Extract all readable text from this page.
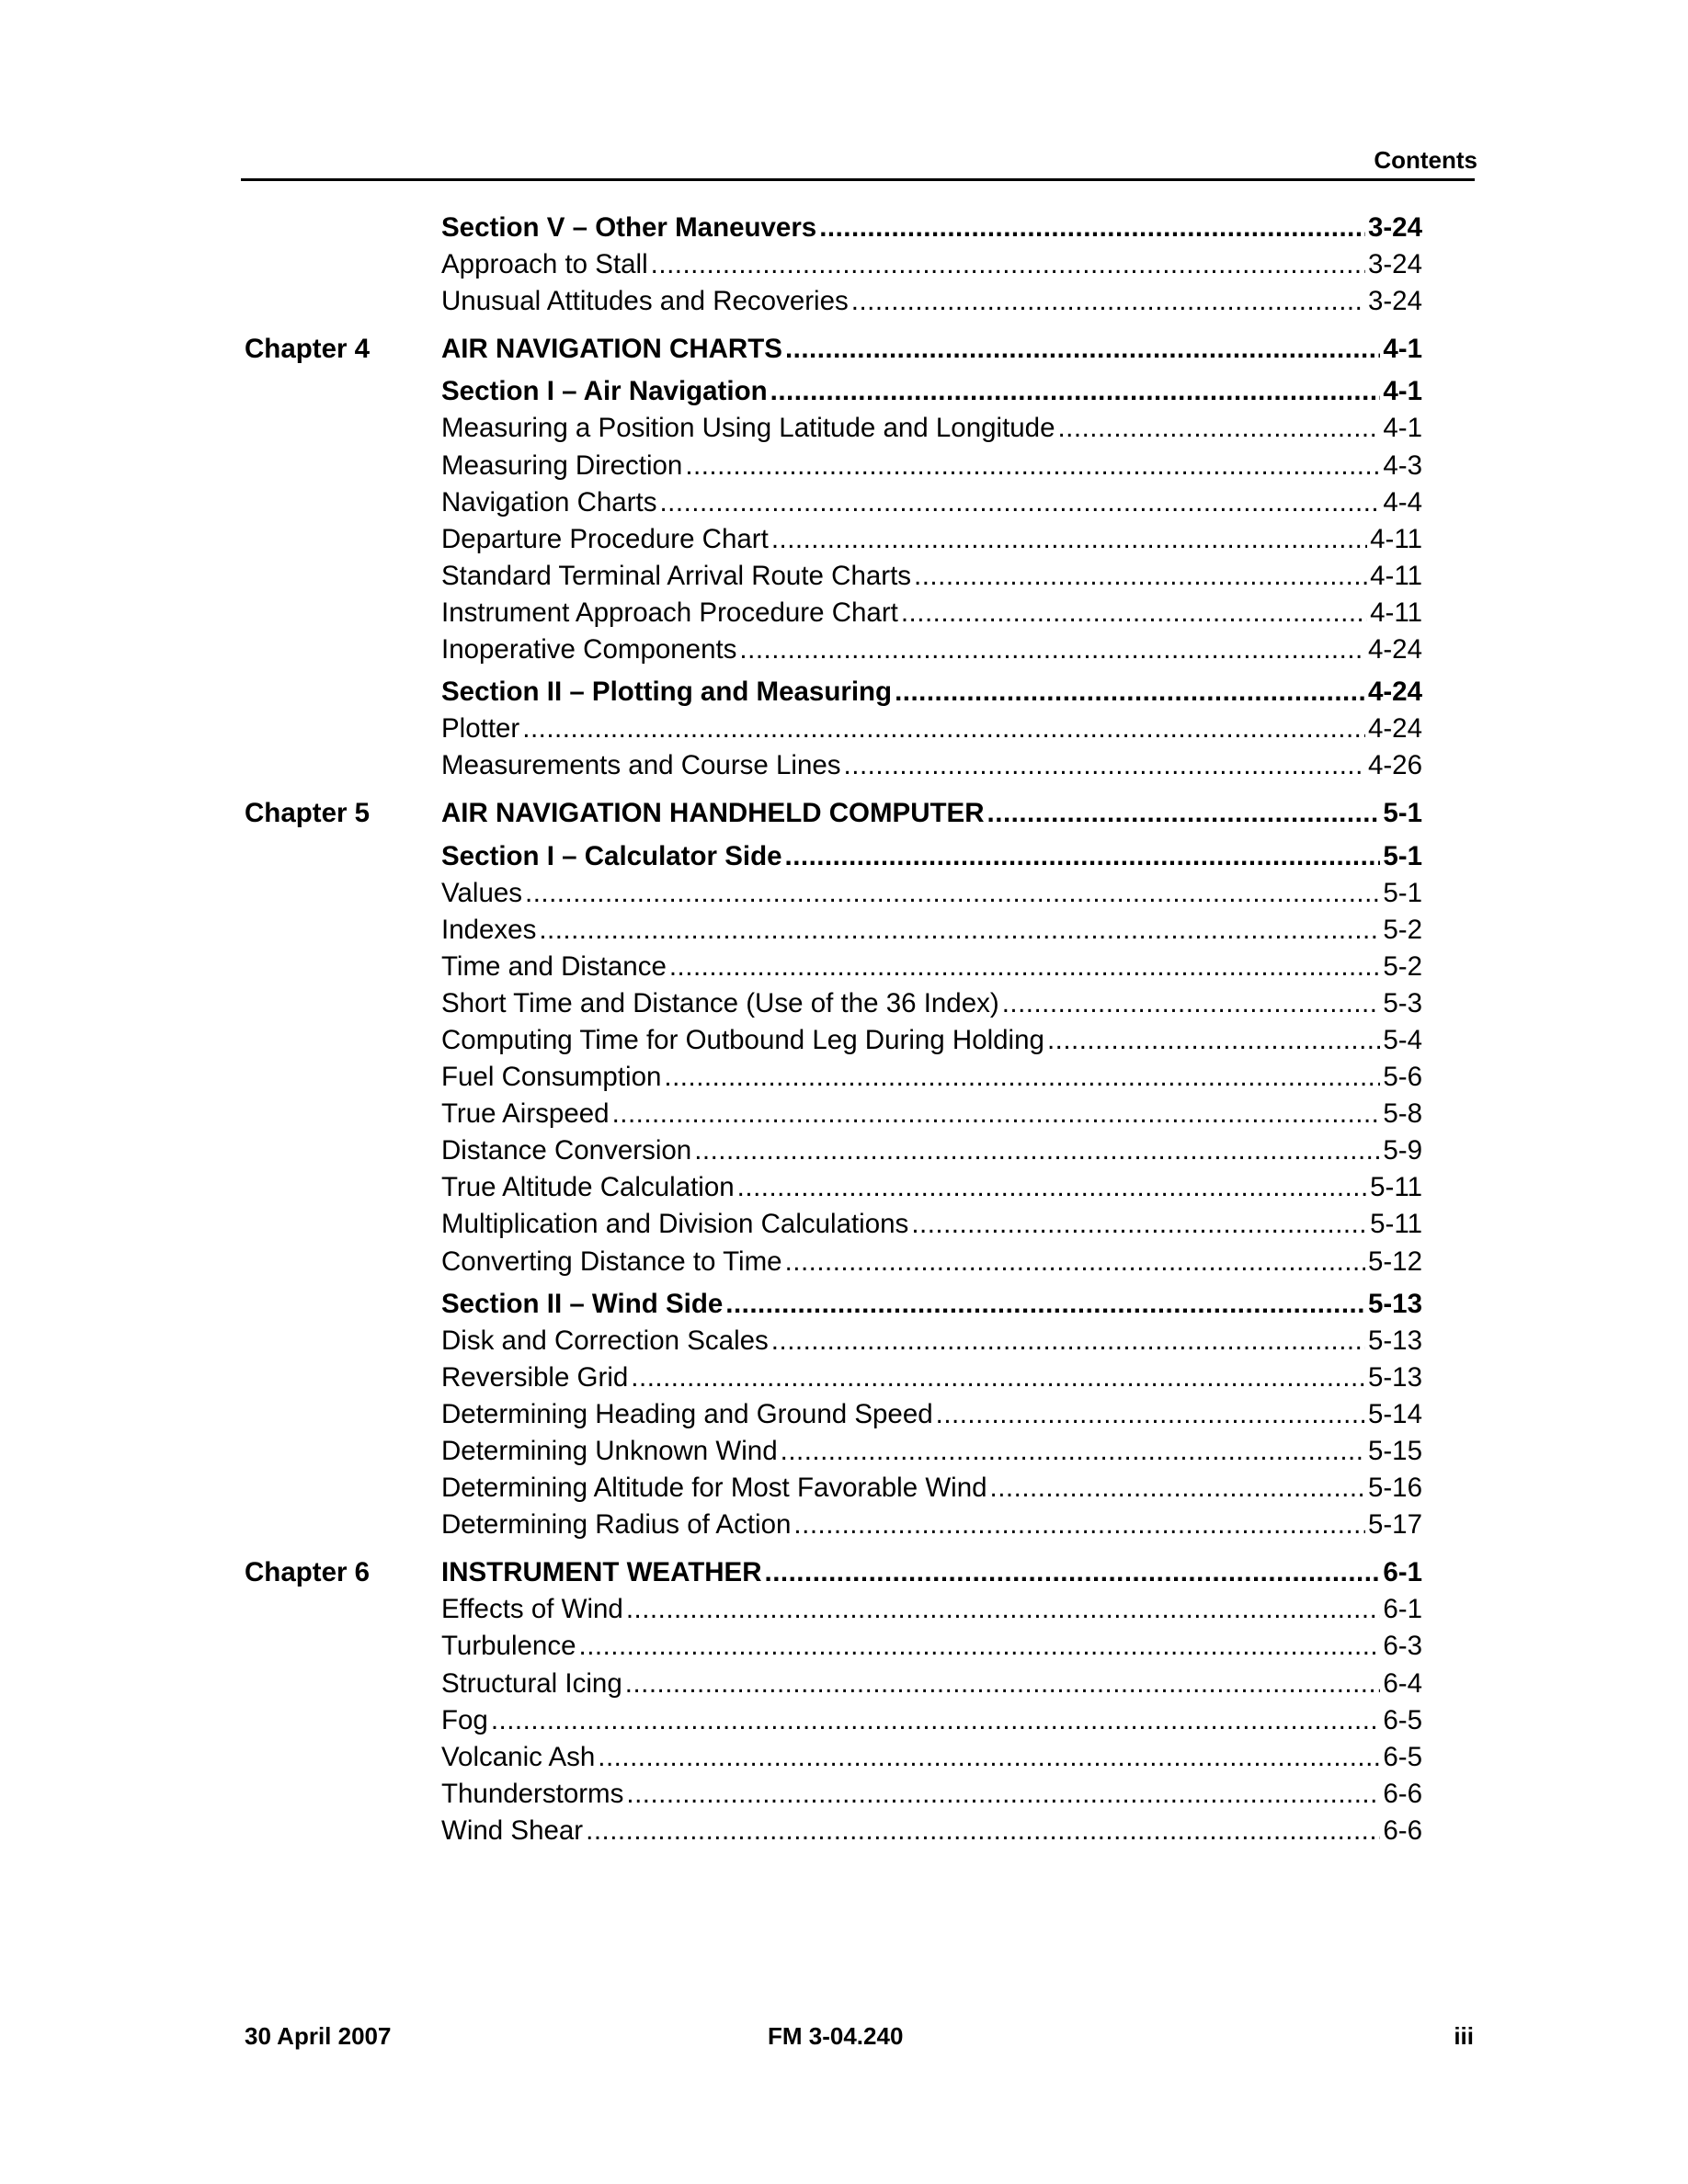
Contents
Section V – Other Maneuvers .....	3-24
Approach to Stall .....	3-24
Unusual Attitudes and Recoveries .....	3-24
Chapter 4	AIR NAVIGATION CHARTS .....	4-1
Section I – Air Navigation .....	4-1
Measuring a Position Using Latitude and Longitude .....	4-1
Measuring Direction .....	4-3
Navigation Charts .....	4-4
Departure Procedure Chart .....	4-11
Standard Terminal Arrival Route Charts .....	4-11
Instrument Approach Procedure Chart .....	4-11
Inoperative Components .....	4-24
Section II – Plotting and Measuring .....	4-24
Plotter .....	4-24
Measurements and Course Lines .....	4-26
Chapter 5	AIR NAVIGATION HANDHELD COMPUTER .....	5-1
Section I – Calculator Side .....	5-1
Values .....	5-1
Indexes .....	5-2
Time and Distance .....	5-2
Short Time and Distance (Use of the 36 Index) .....	5-3
Computing Time for Outbound Leg During Holding .....	5-4
Fuel Consumption .....	5-6
True Airspeed .....	5-8
Distance Conversion .....	5-9
True Altitude Calculation .....	5-11
Multiplication and Division Calculations .....	5-11
Converting Distance to Time .....	5-12
Section II – Wind Side .....	5-13
Disk and Correction Scales .....	5-13
Reversible Grid .....	5-13
Determining Heading and Ground Speed .....	5-14
Determining Unknown Wind .....	5-15
Determining Altitude for Most Favorable Wind .....	5-16
Determining Radius of Action .....	5-17
Chapter 6	INSTRUMENT WEATHER .....	6-1
Effects of Wind .....	6-1
Turbulence .....	6-3
Structural Icing .....	6-4
Fog .....	6-5
Volcanic Ash .....	6-5
Thunderstorms .....	6-6
Wind Shear .....	6-6
30 April 2007	FM 3-04.240	iii
